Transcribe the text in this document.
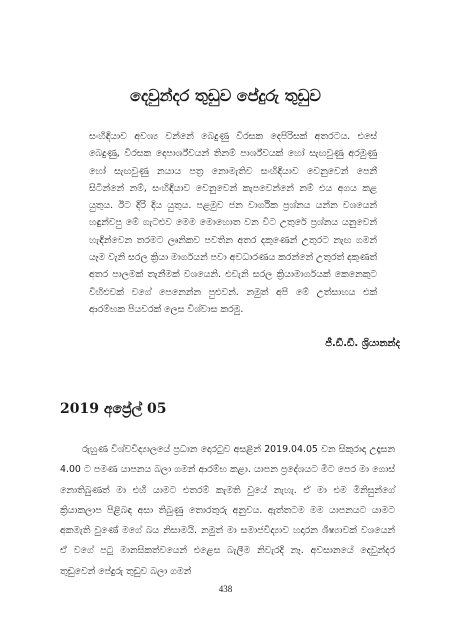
දෙවුන්දර තුඩුව පේදුරු තුඩුව

සංහිඳියාව අවශ්‍ය වන්නේ බෙදුණු විරසක දෙපිරිසක් අතරටය. එසේ බෙදුණු, විරසක දෙපාර්ශ්වයන් තිනම් පාර්ශ්වයක් හෝ සැඟවුණු අරමුණු හෝ සැඟවුණු නයාය පත්‍ර නොමැතිව සංහිඳියාව වෙනුවෙන් පෙනී සිටින්නේ නම්, සංහිඳියාව වෙනුවෙන් කැපවෙන්නේ නම් එය අගය කළ යුතුය. ඊට දිරි දිය යුතුය. පළමුව ජන වාර්ගික ප්‍රශ්නය යන්න වශයෙන් හඳුන්වපු මේ ගැටළුව මෙම මොහොත වන විට උතුරේ ප්‍රශ්නය යනුවෙන් හැඳින්වෙන තරමට ලෘනිකව පවතින අතර දකුණෙන් උතුරට නැඟ ගමන් යෑම වැනි සරල ක්‍රියා මාර්ගයන් පවා අවධාරණය කරන්නේ උතුරත් දකුණත් අතර පාලමක් තැනීමක් වශයෙනි. එවැනි සරල ක්‍රියාමාර්ගයක් කෙනෙකුට විහිළුවක් වගේ පෙනෙන්න පුළුවන්. නමුත් අපි මේ උත්සාහය එක් ආරම්භක පියවරක් ලෙස විශ්වාස කරමු.

ජී.ඩී.ඩී. ශ්‍රියානන්ද

2019 අප්‍රේල් 05

රුහුණ විශ්වවිද්‍යාලයේ ප්‍රධාන දොරටුව අසළින් 2019.04.05 වන සිකුරාදා උදෑසන 4.00 ට පමණ යාපනය බලා ගමන් ආරම්භ කළා. යාපන ප්‍රදේශයට මීට පෙර මා ගොස් නොතිබුණත් මා එහි යාමට එතරම් කැමති වුයේ නැහැ. ඒ මා එම මිනිසුන්ගේ ක්‍රියාකලාප පිළිබඳ අසා තිබුණු තොරතුරු අනුවය. ඇත්තටම මම යාපනයට යාමට අකමැති වුණේ මගේ බය නිසාමයි. නමුත් මා සමාජවිද්‍යාව හදාරන ශිෂ්‍යාවක් වශයෙන් ඒ වගේ පටු මානසිකත්වයෙන් එළෙස බැලීම නිවැරදි නෑ. අවසානයේ දෙවුන්දර තුඩුවෙන් පේදුරු තුඩුව බලා ගමන්

438
